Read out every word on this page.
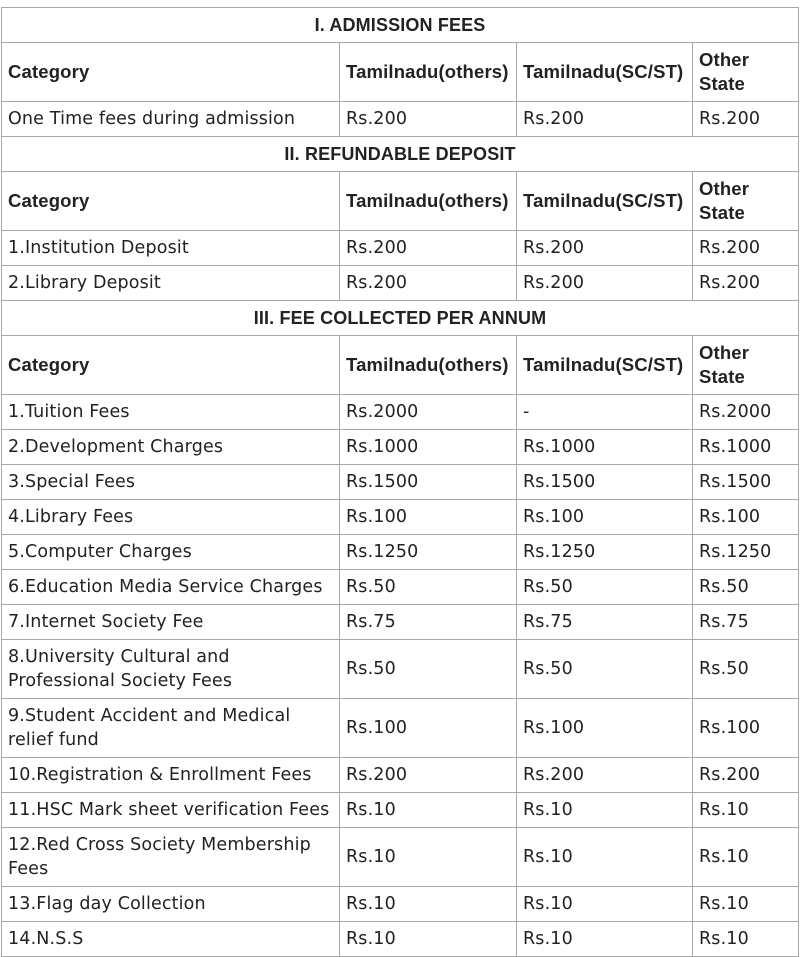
I. ADMISSION FEES			
Category	Tamilnadu(others)	Tamilnadu(SC/ST)	Other State
One Time fees during admission	Rs.200	Rs.200	Rs.200
II. REFUNDABLE DEPOSIT			
Category	Tamilnadu(others)	Tamilnadu(SC/ST)	Other State
1.Institution Deposit	Rs.200	Rs.200	Rs.200
2.Library Deposit	Rs.200	Rs.200	Rs.200
III. FEE COLLECTED PER ANNUM			
Category	Tamilnadu(others)	Tamilnadu(SC/ST)	Other State
1.Tuition Fees	Rs.2000	-	Rs.2000
2.Development Charges	Rs.1000	Rs.1000	Rs.1000
3.Special Fees	Rs.1500	Rs.1500	Rs.1500
4.Library Fees	Rs.100	Rs.100	Rs.100
5.Computer Charges	Rs.1250	Rs.1250	Rs.1250
6.Education Media Service Charges	Rs.50	Rs.50	Rs.50
7.Internet Society Fee	Rs.75	Rs.75	Rs.75
8.University Cultural and Professional Society Fees	Rs.50	Rs.50	Rs.50
9.Student Accident and Medical relief fund	Rs.100	Rs.100	Rs.100
10.Registration & Enrollment Fees	Rs.200	Rs.200	Rs.200
11.HSC Mark sheet verification Fees	Rs.10	Rs.10	Rs.10
12.Red Cross Society Membership Fees	Rs.10	Rs.10	Rs.10
13.Flag day Collection	Rs.10	Rs.10	Rs.10
14.N.S.S	Rs.10	Rs.10	Rs.10
